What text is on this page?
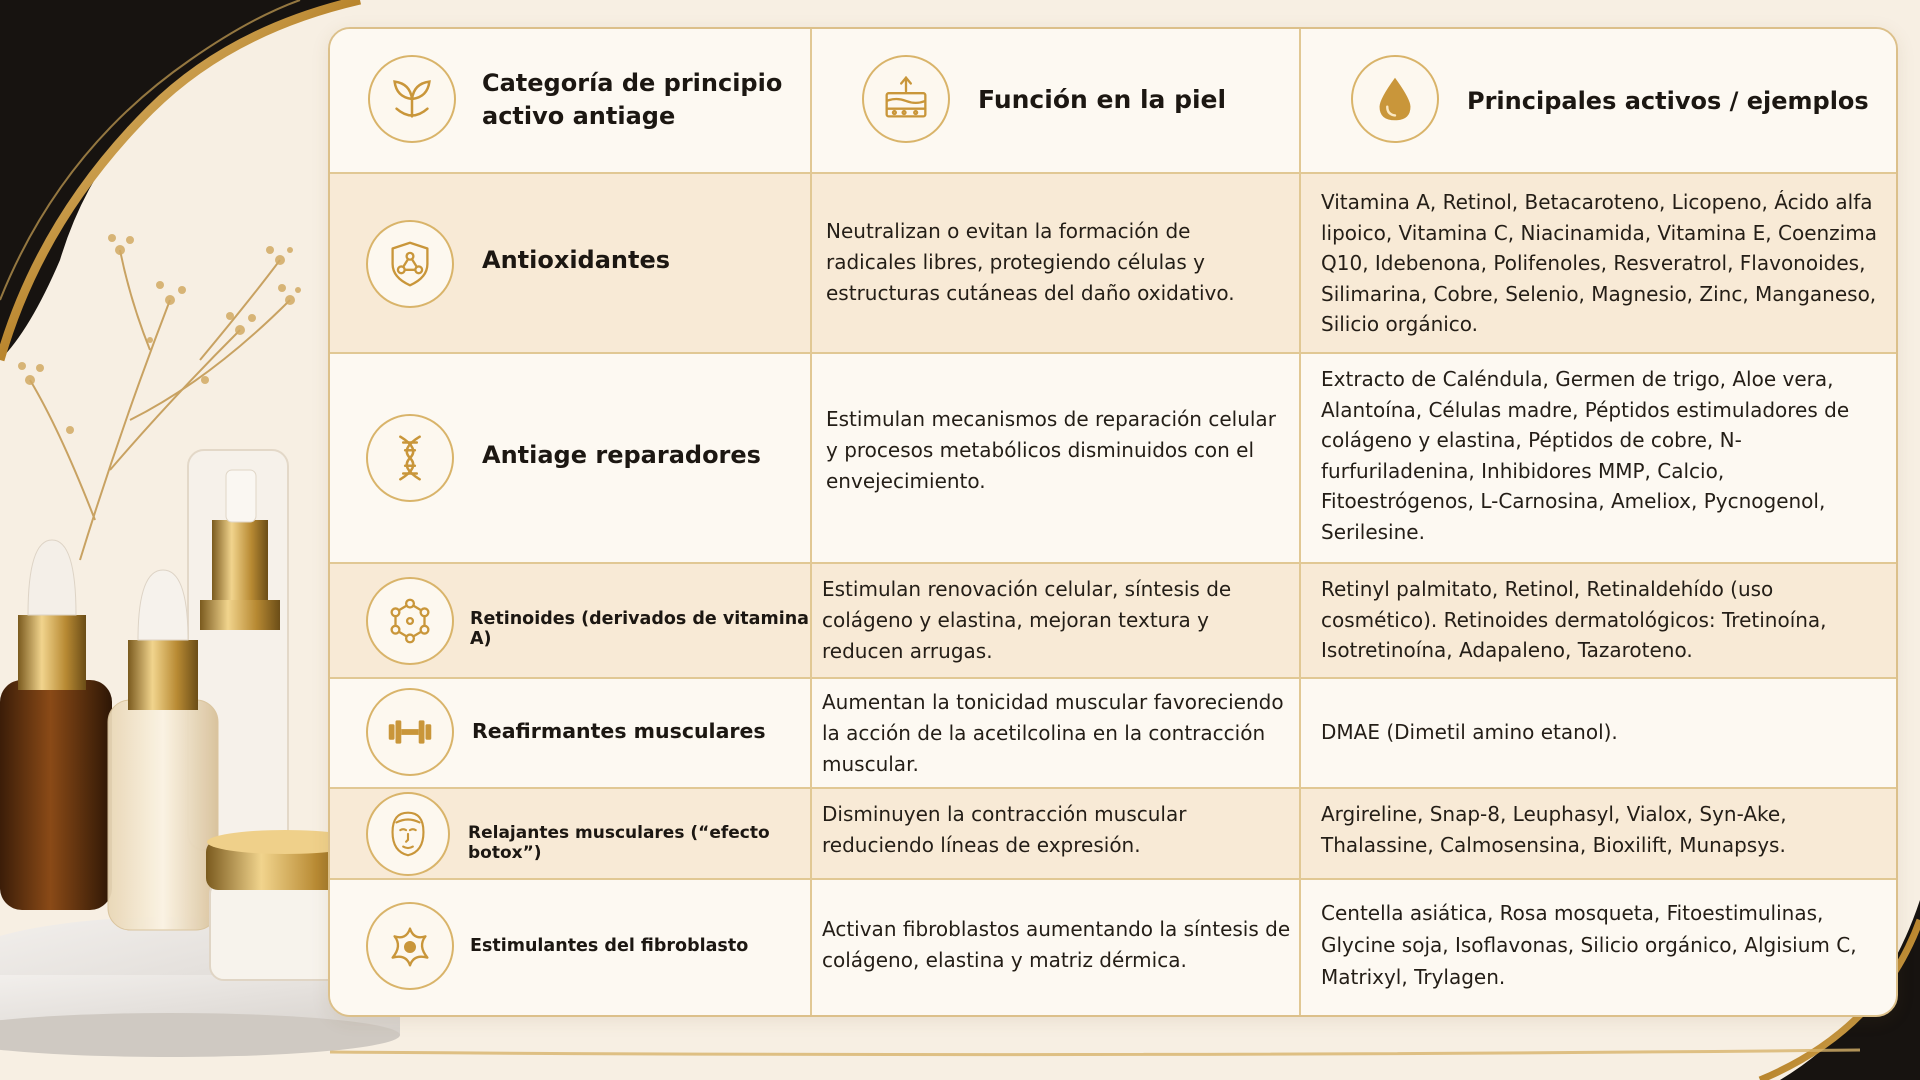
Categoría de principio activo antiage
Función en la piel	Principales activos / ejemplos
Antioxidantes
Neutralizan o evitan la formación de radicales libres, protegiendo células y estructuras cutáneas del daño oxidativo.
Vitamina A, Retinol, Betacaroteno, Licopeno, Ácido alfa lipoico, Vitamina C, Niacinamida, Vitamina E, Coenzima Q10, Idebenona, Polifenoles, Resveratrol, Flavonoides, Silimarina, Cobre, Selenio, Magnesio, Zinc, Manganeso, Silicio orgánico.
Antiage reparadores
Estimulan mecanismos de reparación celular y procesos metabólicos disminuidos con el envejecimiento.
Extracto de Caléndula, Germen de trigo, Aloe vera, Alantoína, Células madre, Péptidos estimuladores de colágeno y elastina, Péptidos de cobre, N-furfuriladenina, Inhibidores MMP, Calcio, Fitoestrógenos, L-Carnosina, Ameliox, Pycnogenol, Serilesine.
Retinoides (derivados de vitamina A)
Estimulan renovación celular, síntesis de colágeno y elastina, mejoran textura y reducen arrugas.
Retinyl palmitato, Retinol, Retinaldehído (uso cosmético). Retinoides dermatológicos: Tretinoína, Isotretinoína, Adapaleno, Tazaroteno.
Reafirmantes musculares
Aumentan la tonicidad muscular favoreciendo la acción de la acetilcolina en la contracción muscular.
DMAE (Dimetil amino etanol).
Relajantes musculares (“efecto botox”)
Disminuyen la contracción muscular reduciendo líneas de expresión.
Argireline, Snap-8, Leuphasyl, Vialox, Syn-Ake, Thalassine, Calmosensina, Bioxilift, Munapsys.
Estimulantes del fibroblasto
Activan fibroblastos aumentando la síntesis de colágeno, elastina y matriz dérmica.
Centella asiática, Rosa mosqueta, Fitoestimulinas, Glycine soja, Isoflavonas, Silicio orgánico, Algisium C, Matrixyl, Trylagen.
